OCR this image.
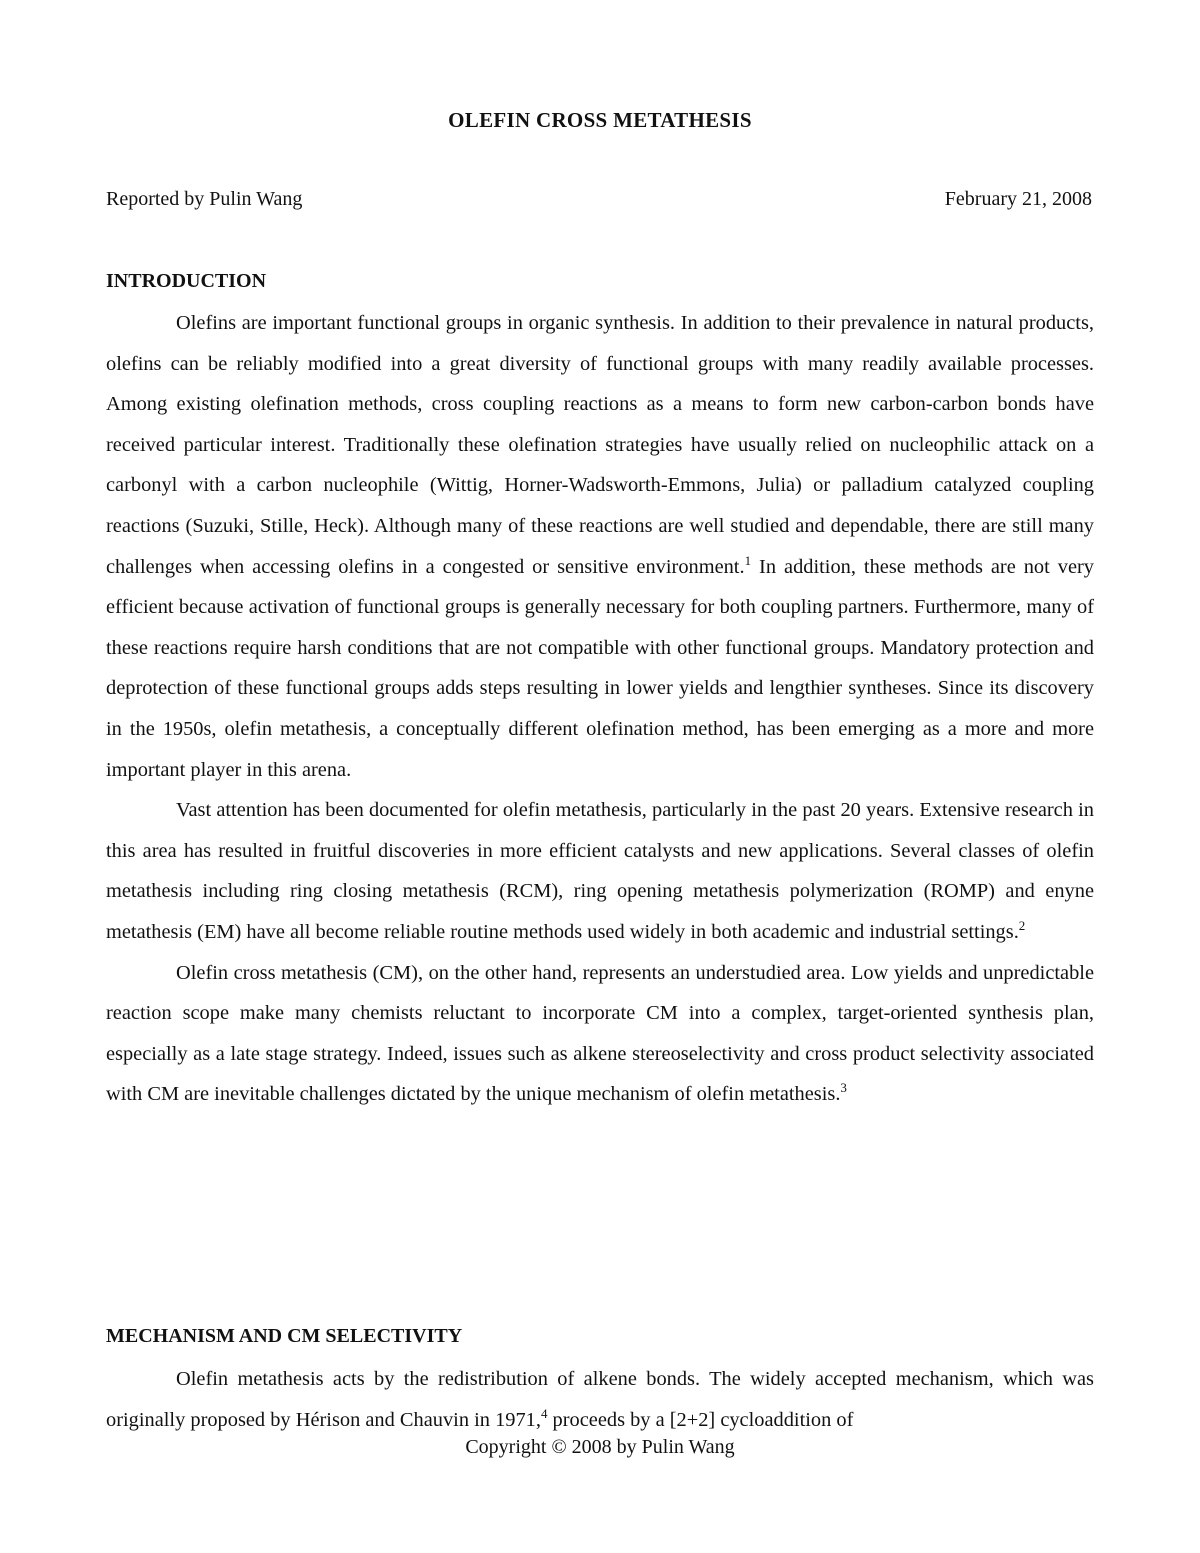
OLEFIN CROSS METATHESIS
Reported by Pulin Wang	February 21, 2008
INTRODUCTION

Olefins are important functional groups in organic synthesis. In addition to their prevalence in natural products, olefins can be reliably modified into a great diversity of functional groups with many readily available processes. Among existing olefination methods, cross coupling reactions as a means to form new carbon-carbon bonds have received particular interest. Traditionally these olefination strategies have usually relied on nucleophilic attack on a carbonyl with a carbon nucleophile (Wittig, Horner-Wadsworth-Emmons, Julia) or palladium catalyzed coupling reactions (Suzuki, Stille, Heck). Although many of these reactions are well studied and dependable, there are still many challenges when accessing olefins in a congested or sensitive environment.$^1$ In addition, these methods are not very efficient because activation of functional groups is generally necessary for both coupling partners. Furthermore, many of these reactions require harsh conditions that are not compatible with other functional groups. Mandatory protection and deprotection of these functional groups adds steps resulting in lower yields and lengthier syntheses. Since its discovery in the 1950s, olefin metathesis, a conceptually different olefination method, has been emerging as a more and more important player in this arena.

Vast attention has been documented for olefin metathesis, particularly in the past 20 years. Extensive research in this area has resulted in fruitful discoveries in more efficient catalysts and new applications. Several classes of olefin metathesis including ring closing metathesis (RCM), ring opening metathesis polymerization (ROMP) and enyne metathesis (EM) have all become reliable routine methods used widely in both academic and industrial settings.$^2$

Olefin cross metathesis (CM), on the other hand, represents an understudied area. Low yields and unpredictable reaction scope make many chemists reluctant to incorporate CM into a complex, target-oriented synthesis plan, especially as a late stage strategy. Indeed, issues such as alkene stereoselectivity and cross product selectivity associated with CM are inevitable challenges dictated by the unique mechanism of olefin metathesis.$^3$

MECHANISM AND CM SELECTIVITY

Olefin metathesis acts by the redistribution of alkene bonds. The widely accepted mechanism, which was originally proposed by Hérison and Chauvin in 1971,$^4$ proceeds by a [2+2] cycloaddition of

Copyright © 2008 by Pulin Wang
